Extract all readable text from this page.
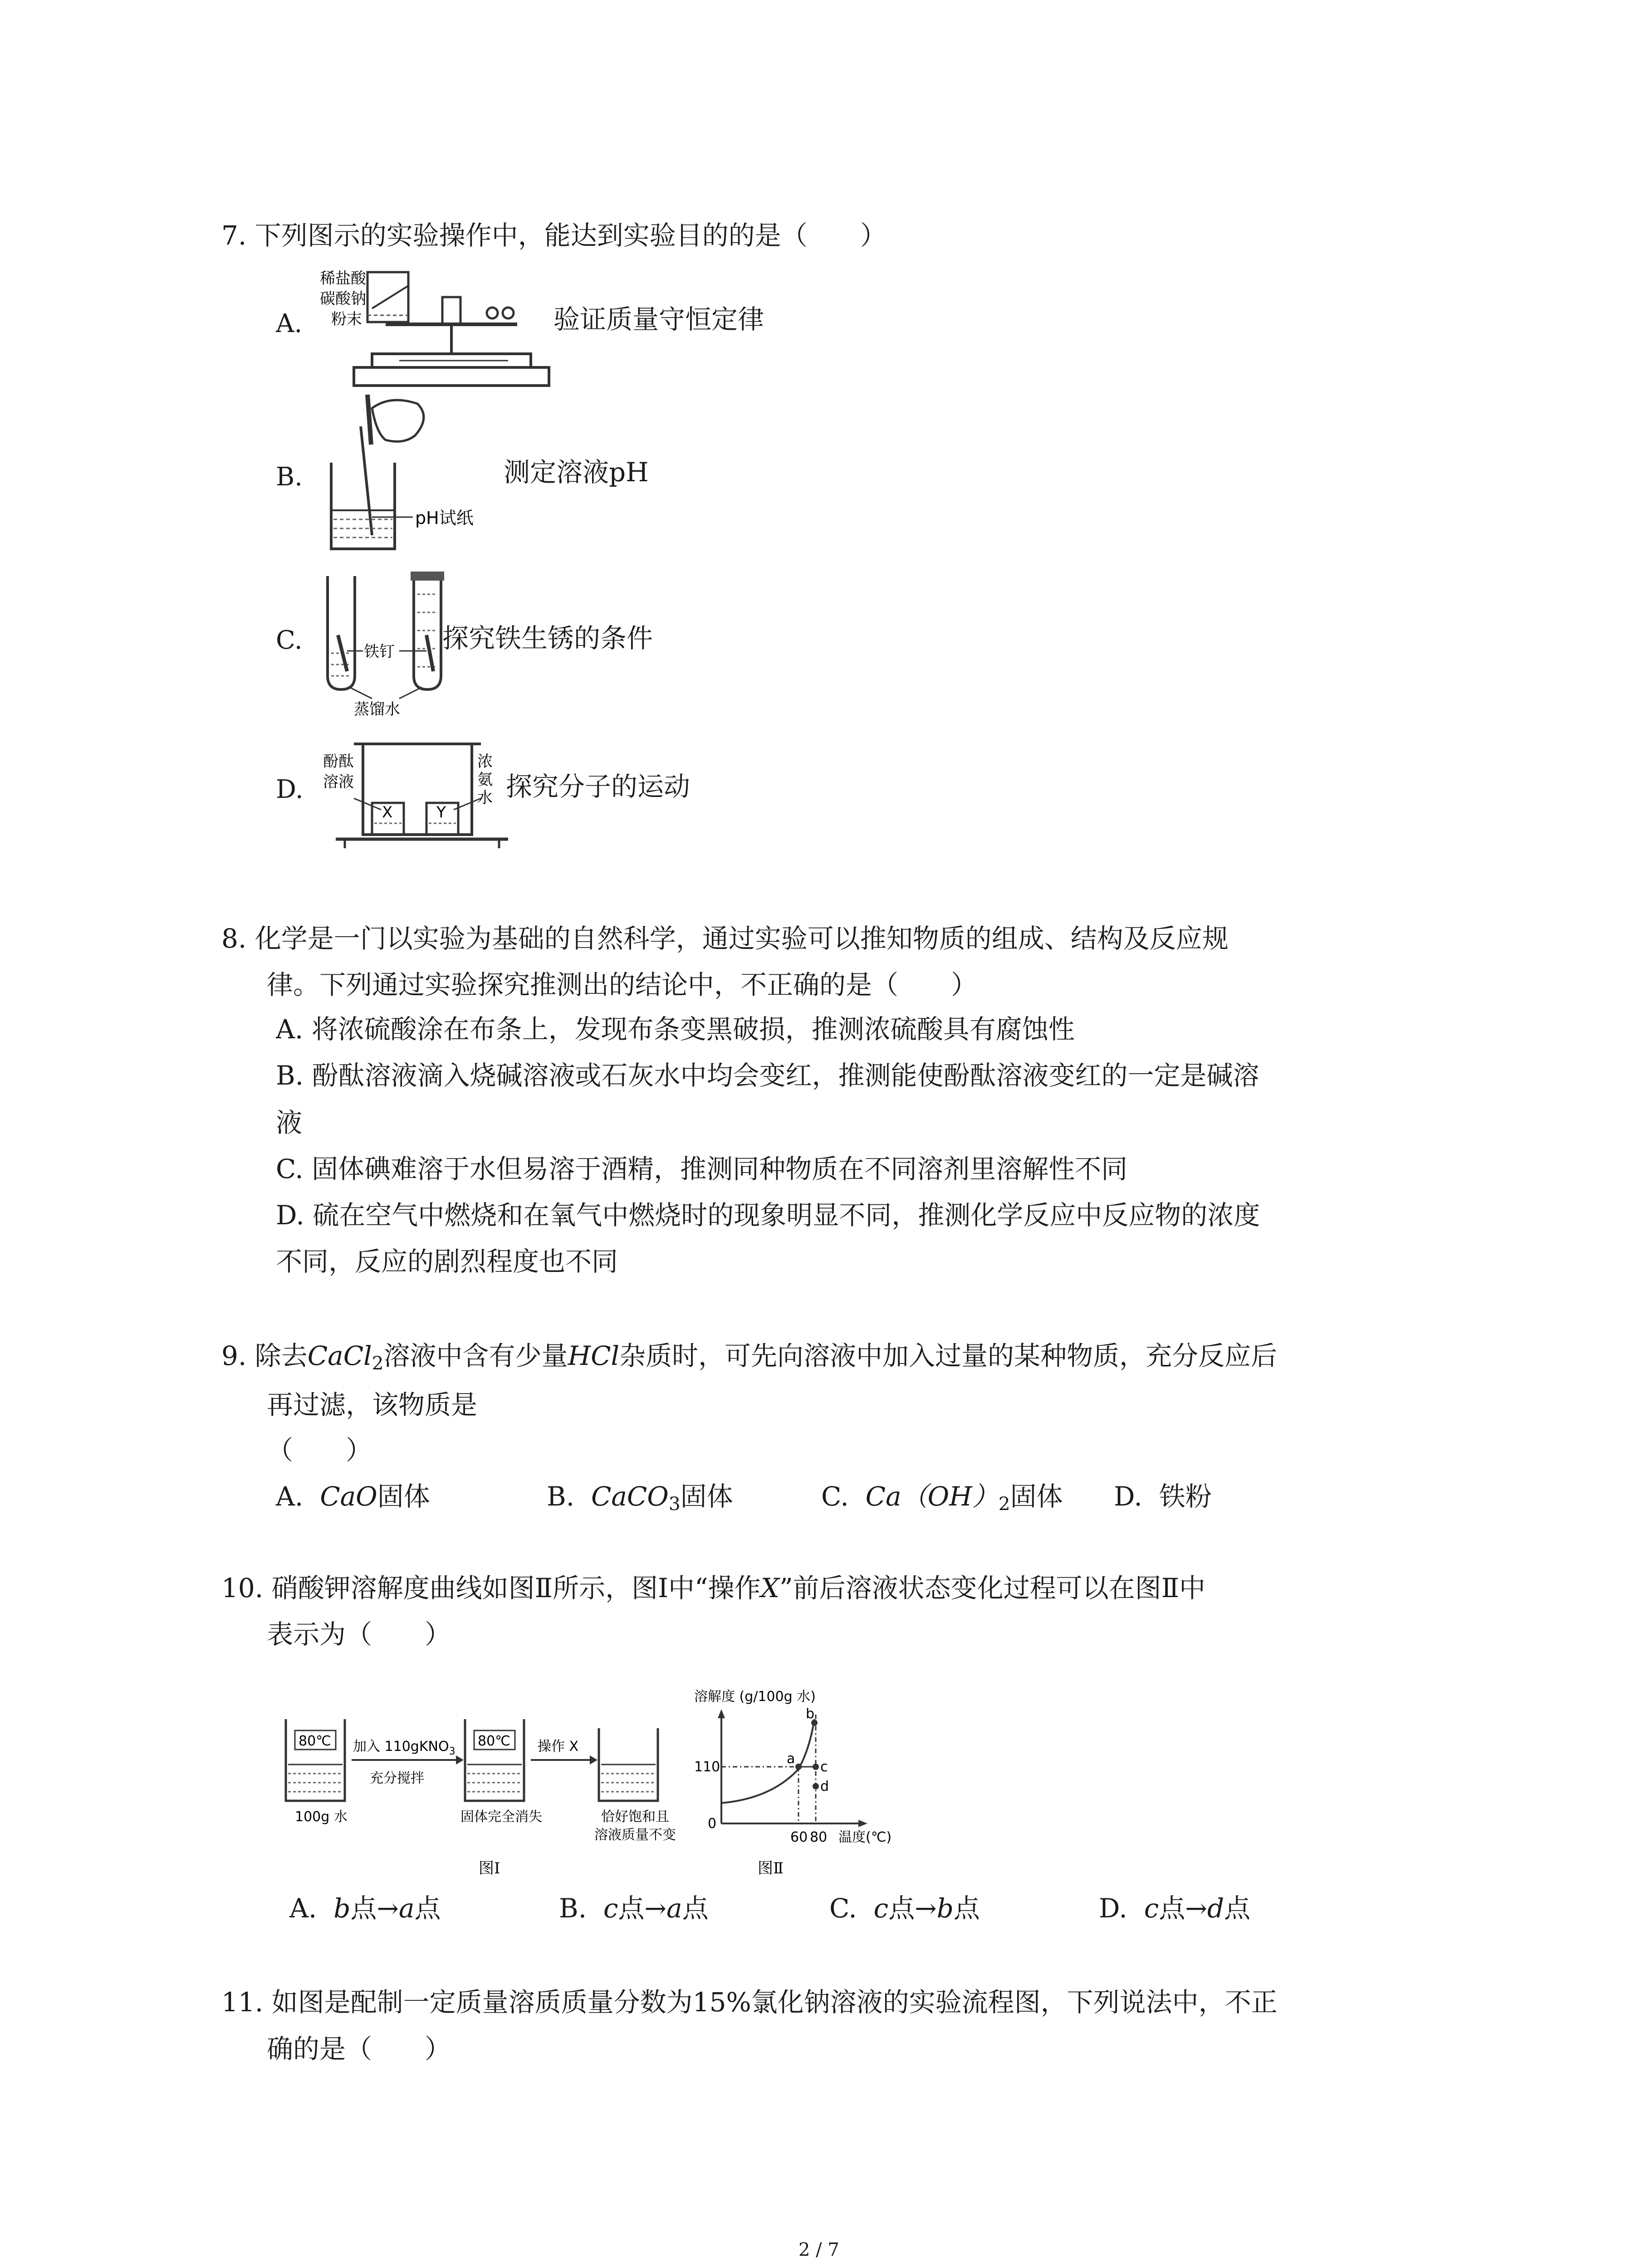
7. 下列图示的实验操作中，能达到实验目的的是（　　）
A.
稀盐酸
碳酸钠
粉末	验证质量守恒定律
B.
pH试纸
测定溶液pH
C.	铁钉
蒸馏水
探究铁生锈的条件
D.
X	Y
酚酞
溶液
浓
氨
水 探究分子的运动
8. 化学是一门以实验为基础的自然科学，通过实验可以推知物质的组成、结构及反应规
律。下列通过实验探究推测出的结论中，不正确的是（　　）
A. 将浓硫酸涂在布条上，发现布条变黑破损，推测浓硫酸具有腐蚀性
B. 酚酞溶液滴入烧碱溶液或石灰水中均会变红，推测能使酚酞溶液变红的一定是碱溶
液
C. 固体碘难溶于水但易溶于酒精，推测同种物质在不同溶剂里溶解性不同
D. 硫在空气中燃烧和在氧气中燃烧时的现象明显不同，推测化学反应中反应物的浓度
不同，反应的剧烈程度也不同
9. 除去CaCl$_2$溶液中含有少量HCl杂质时，可先向溶液中加入过量的某种物质，充分反应后
再过滤，该物质是
（　　）
A. CaO固体	B. CaCO$_3$固体	C. $Ca(OH)_2$固体 D. 铁粉
10. 硝酸钾溶解度曲线如图Ⅱ所示，图Ⅰ中“操作X”前后溶液状态变化过程可以在图Ⅱ中
表示为（　　）
80℃
100g 水
加入 110gKNO$_3$
充分搅拌
80℃
固体完全消失
操作 X
恰好饱和且
溶液质量不变
图Ⅰ
溶解度 (g/100g 水)
a
b
c
d
110
0
60 80 温度(℃)
图Ⅱ
A. b点→a点	B. c点→a点	C. c点→b点	D. c点→d点
11. 如图是配制一定质量溶质质量分数为15%氯化钠溶液的实验流程图，下列说法中，不正
确的是（　　）
2 / 7
